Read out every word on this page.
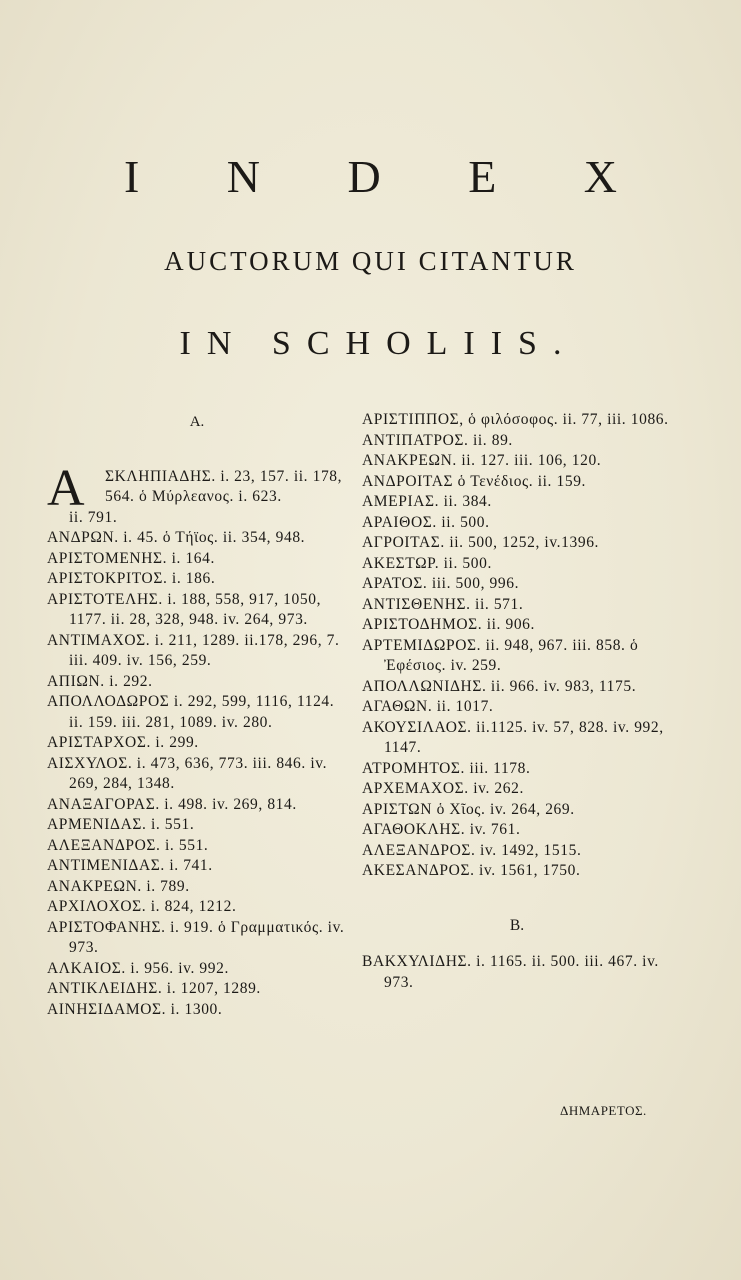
I N D E X
AUCTORUM QUI CITANTUR
IN SCHOLIIS.
A.
A ΣΚΛΗΠΙΑΔΗΣ. i. 23, 157. ii. 178, 564. ὁ Μύρλεανος. i. 623.
ii. 791.
ΑΝΔΡΩΝ. i. 45. ὁ Τήϊος. ii. 354, 948.
ΑΡΙΣΤΟΜΕΝΗΣ. i. 164.
ΑΡΙΣΤΟΚΡΙΤΟΣ. i. 186.
ΑΡΙΣΤΟΤΕΛΗΣ. i. 188, 558, 917, 1050, 1177. ii. 28, 328, 948. iv. 264, 973.
ΑΝΤΙΜΑΧΟΣ. i. 211, 1289. ii.178, 296, 7. iii. 409. iv. 156, 259.
ΑΠΙΩΝ. i. 292.
ΑΠΟΛΛΟΔΩΡΟΣ i. 292, 599, 1116, 1124. ii. 159. iii. 281, 1089. iv. 280.
ΑΡΙΣΤΑΡΧΟΣ. i. 299.
ΑΙΣΧΥΛΟΣ. i. 473, 636, 773. iii. 846. iv. 269, 284, 1348.
ΑΝΑΞΑΓΟΡΑΣ. i. 498. iv. 269, 814.
ΑΡΜΕΝΙΔΑΣ. i. 551.
ΑΛΕΞΑΝΔΡΟΣ. i. 551.
ΑΝΤΙΜΕΝΙΔΑΣ. i. 741.
ΑΝΑΚΡΕΩΝ. i. 789.
ΑΡΧΙΛΟΧΟΣ. i. 824, 1212.
ΑΡΙΣΤΟΦΑΝΗΣ. i. 919. ὁ Γραμματικός. iv. 973.
ΑΛΚΑΙΟΣ. i. 956. iv. 992.
ΑΝΤΙΚΛΕΙΔΗΣ. i. 1207, 1289.
ΑΙΝΗΣΙΔΑΜΟΣ. i. 1300.
ΑΡΙΣΤΙΠΠΟΣ, ὁ φιλόσοφος. ii. 77, iii. 1086.
ΑΝΤΙΠΑΤΡΟΣ. ii. 89.
ΑΝΑΚΡΕΩΝ. ii. 127. iii. 106, 120.
ΑΝΔΡΟΙΤΑΣ ὁ Τενέδιος. ii. 159.
ΑΜΕΡΙΑΣ. ii. 384.
ΑΡΑΙΘΟΣ. ii. 500.
ΑΓΡΟΙΤΑΣ. ii. 500, 1252, iv.1396.
ΑΚΕΣΤΩΡ. ii. 500.
ΑΡΑΤΟΣ. iii. 500, 996.
ΑΝΤΙΣΘΕΝΗΣ. ii. 571.
ΑΡΙΣΤΟΔΗΜΟΣ. ii. 906.
ΑΡΤΕΜΙΔΩΡΟΣ. ii. 948, 967. iii. 858. ὁ Ἐφέσιος. iv. 259.
ΑΠΟΛΛΩΝΙΔΗΣ. ii. 966. iv. 983, 1175.
ΑΓΑΘΩΝ. ii. 1017.
ΑΚΟΥΣΙΛΑΟΣ. ii.1125. iv. 57, 828. iv. 992, 1147.
ΑΤΡΟΜΗΤΟΣ. iii. 1178.
ΑΡΧΕΜΑΧΟΣ. iv. 262.
ΑΡΙΣΤΩΝ ὁ Χῖος. iv. 264, 269.
ΑΓΑΘΟΚΛΗΣ. iv. 761.
ΑΛΕΞΑΝΔΡΟΣ. iv. 1492, 1515.
ΑΚΕΣΑΝΔΡΟΣ. iv. 1561, 1750.
B.
ΒΑΚΧΥΛΙΔΗΣ. i. 1165. ii. 500. iii. 467. iv. 973.
ΔΗΜΑΡΕΤΟΣ.
